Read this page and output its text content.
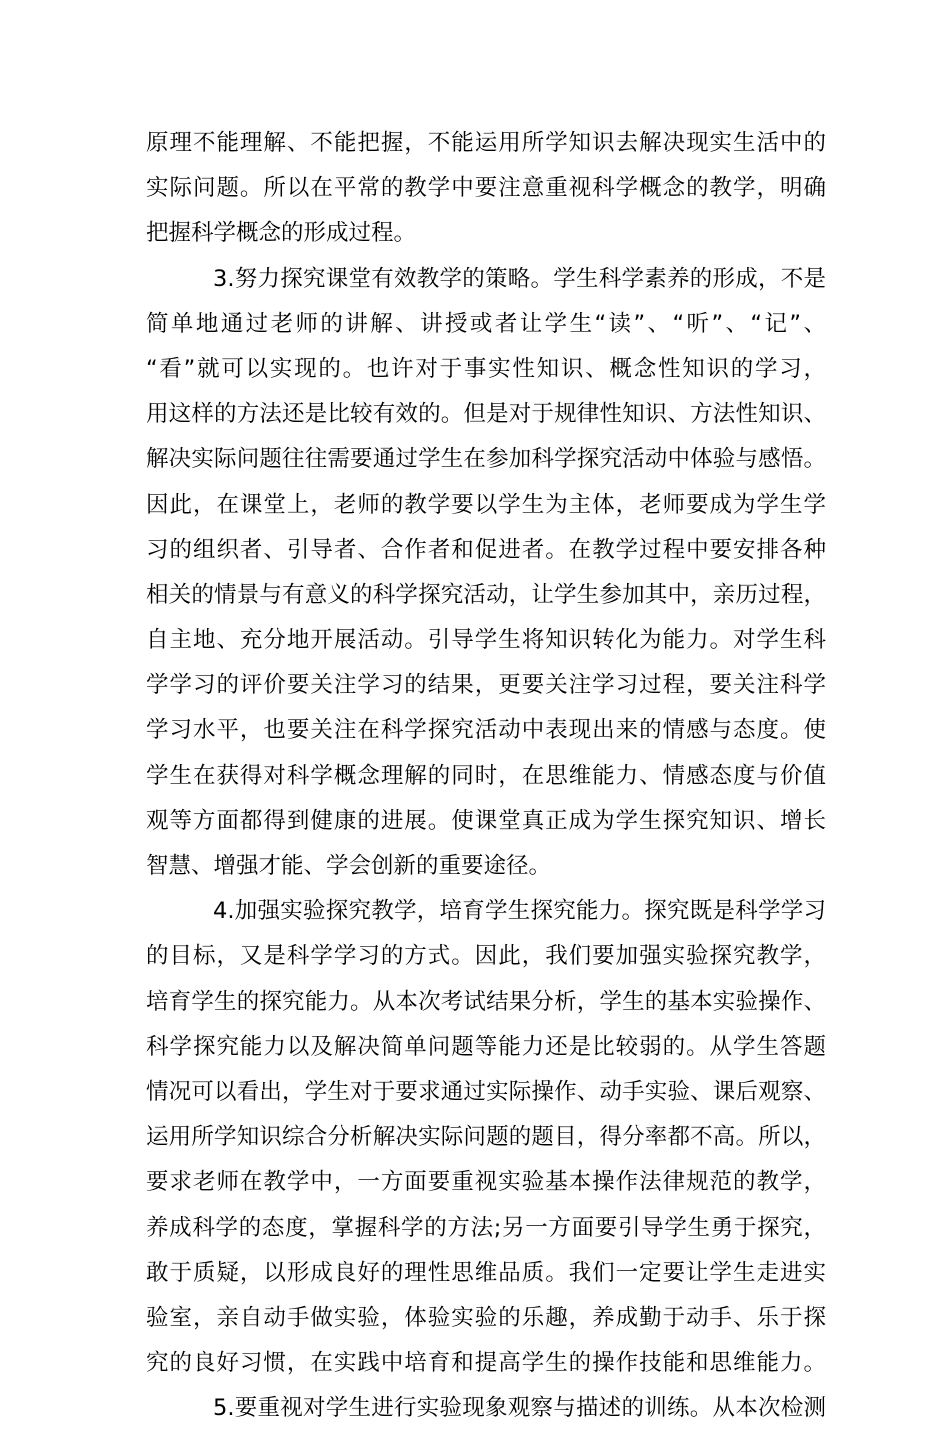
原理不能理解、不能把握，不能运用所学知识去解决现实生活中的
实际问题。所以在平常的教学中要注意重视科学概念的教学，明确
把握科学概念的形成过程。
3.努力探究课堂有效教学的策略。学生科学素养的形成，不是
简单地通过老师的讲解、讲授或者让学生“读”、“听”、“记”、
“看”就可以实现的。也许对于事实性知识、概念性知识的学习，
用这样的方法还是比较有效的。但是对于规律性知识、方法性知识、
解决实际问题往往需要通过学生在参加科学探究活动中体验与感悟。
因此，在课堂上，老师的教学要以学生为主体，老师要成为学生学
习的组织者、引导者、合作者和促进者。在教学过程中要安排各种
相关的情景与有意义的科学探究活动，让学生参加其中，亲历过程，
自主地、充分地开展活动。引导学生将知识转化为能力。对学生科
学学习的评价要关注学习的结果，更要关注学习过程，要关注科学
学习水平，也要关注在科学探究活动中表现出来的情感与态度。使
学生在获得对科学概念理解的同时，在思维能力、情感态度与价值
观等方面都得到健康的进展。使课堂真正成为学生探究知识、增长
智慧、增强才能、学会创新的重要途径。
4.加强实验探究教学，培育学生探究能力。探究既是科学学习
的目标，又是科学学习的方式。因此，我们要加强实验探究教学，
培育学生的探究能力。从本次考试结果分析，学生的基本实验操作、
科学探究能力以及解决简单问题等能力还是比较弱的。从学生答题
情况可以看出，学生对于要求通过实际操作、动手实验、课后观察、
运用所学知识综合分析解决实际问题的题目，得分率都不高。所以，
要求老师在教学中，一方面要重视实验基本操作法律规范的教学，
养成科学的态度，掌握科学的方法;另一方面要引导学生勇于探究，
敢于质疑，以形成良好的理性思维品质。我们一定要让学生走进实
验室，亲自动手做实验，体验实验的乐趣，养成勤于动手、乐于探
究的良好习惯，在实践中培育和提高学生的操作技能和思维能力。
5.要重视对学生进行实验现象观察与描述的训练。从本次检测
